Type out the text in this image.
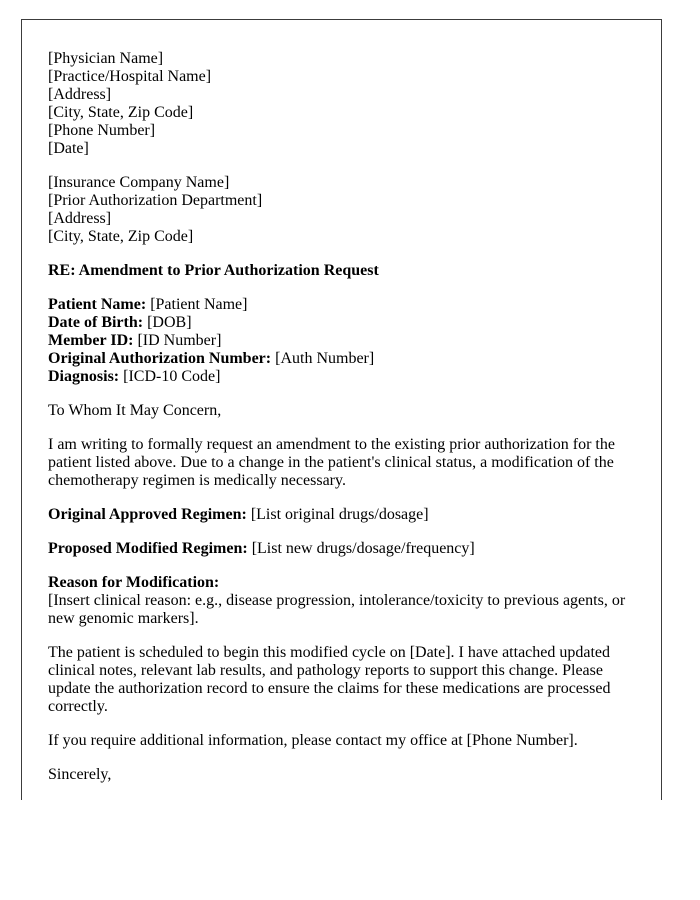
[Physician Name]
[Practice/Hospital Name]
[Address]
[City, State, Zip Code]
[Phone Number]
[Date]

[Insurance Company Name]
[Prior Authorization Department]
[Address]
[City, State, Zip Code]

RE: Amendment to Prior Authorization Request

Patient Name: [Patient Name]
Date of Birth: [DOB]
Member ID: [ID Number]
Original Authorization Number: [Auth Number]
Diagnosis: [ICD-10 Code]

To Whom It May Concern,

I am writing to formally request an amendment to the existing prior authorization for the patient listed above. Due to a change in the patient's clinical status, a modification of the chemotherapy regimen is medically necessary.

Original Approved Regimen: [List original drugs/dosage]

Proposed Modified Regimen: [List new drugs/dosage/frequency]

Reason for Modification:
[Insert clinical reason: e.g., disease progression, intolerance/toxicity to previous agents, or new genomic markers].

The patient is scheduled to begin this modified cycle on [Date]. I have attached updated clinical notes, relevant lab results, and pathology reports to support this change. Please update the authorization record to ensure the claims for these medications are processed correctly.

If you require additional information, please contact my office at [Phone Number].

Sincerely,
